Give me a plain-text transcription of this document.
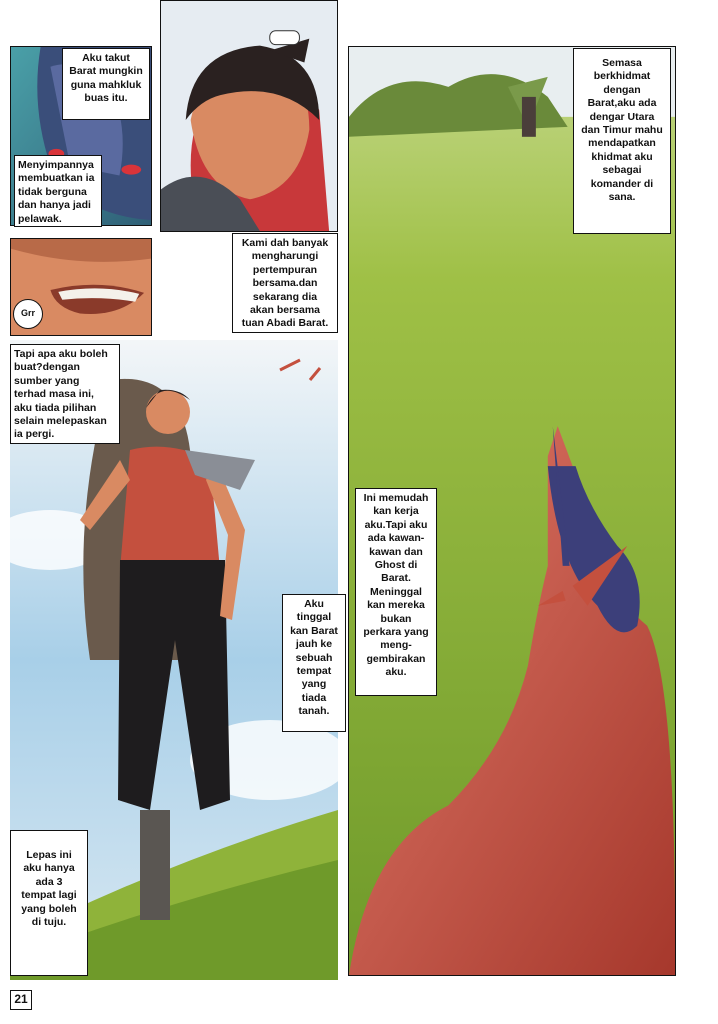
Grr
Aku takut
Barat mungkin
guna mahkluk
buas itu.
Menyimpannya
membuatkan ia
tidak berguna
dan hanya jadi
pelawak.
Kami dah banyak
mengharungi
pertempuran
bersama.dan
sekarang dia
akan bersama
tuan Abadi Barat.
Tapi apa aku boleh
buat?dengan
sumber yang
terhad masa ini,
aku tiada pilihan
selain melepaskan
ia pergi.
Aku
tinggal
kan Barat
jauh ke
sebuah
tempat
yang
tiada
tanah.
Lepas ini
aku hanya
ada 3
tempat lagi
yang boleh
di tuju.
Semasa
berkhidmat
dengan
Barat,aku ada
dengar Utara
dan Timur mahu
mendapatkan
khidmat aku
sebagai
komander di
sana.
Ini memudah
kan kerja
aku.Tapi aku
ada kawan-
kawan dan
Ghost di
Barat.
Meninggal
kan mereka
bukan
perkara yang
meng-
gembirakan
aku.
21
